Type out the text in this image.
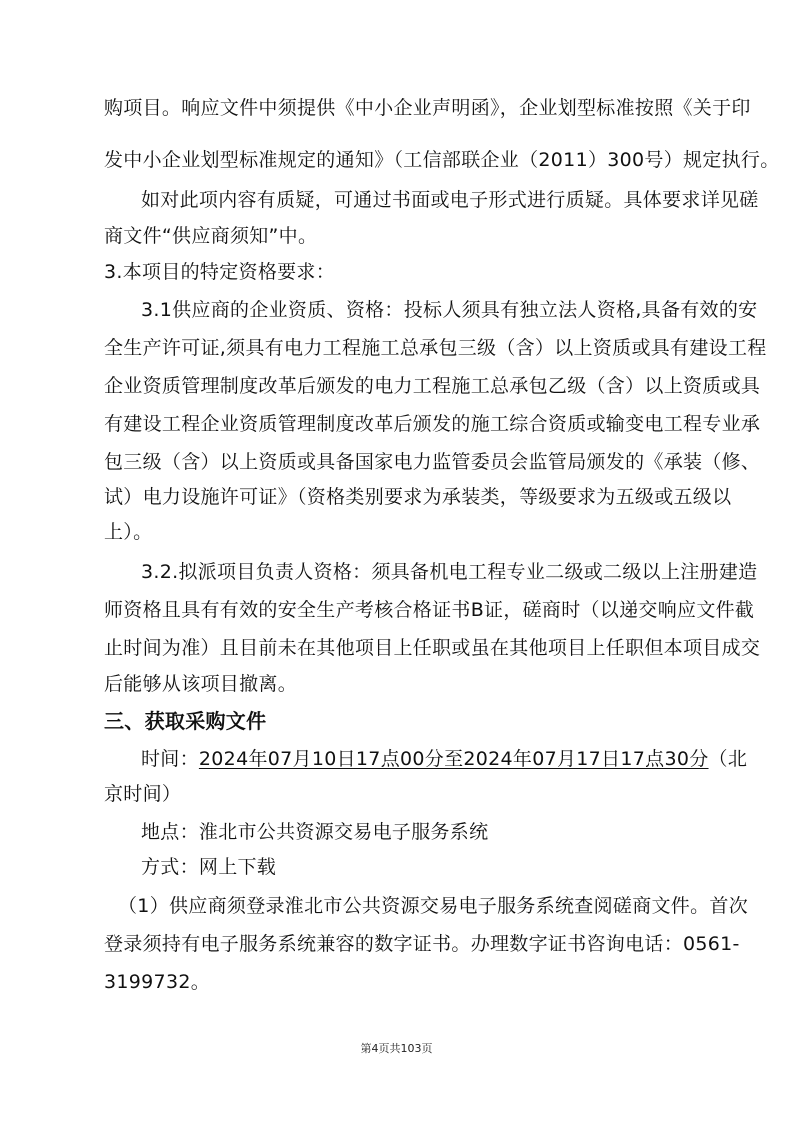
购项目。响应文件中须提供《中小企业声明函》，企业划型标准按照《关于印
发中小企业划型标准规定的通知》（工信部联企业（2011）300号）规定执行。
如对此项内容有质疑，可通过书面或电子形式进行质疑。具体要求详见磋
商文件“供应商须知”中。
3.本项目的特定资格要求：
3.1供应商的企业资质、资格：投标人须具有独立法人资格,具备有效的安
全生产许可证,须具有电力工程施工总承包三级（含）以上资质或具有建设工程
企业资质管理制度改革后颁发的电力工程施工总承包乙级（含）以上资质或具
有建设工程企业资质管理制度改革后颁发的施工综合资质或输变电工程专业承
包三级（含）以上资质或具备国家电力监管委员会监管局颁发的《承装（修、
试）电力设施许可证》（资格类别要求为承装类，等级要求为五级或五级以
上）。
3.2.拟派项目负责人资格：须具备机电工程专业二级或二级以上注册建造
师资格且具有有效的安全生产考核合格证书B证，磋商时（以递交响应文件截
止时间为准）且目前未在其他项目上任职或虽在其他项目上任职但本项目成交
后能够从该项目撤离。
三、获取采购文件
时间：2024年07月10日17点00分至2024年07月17日17点30分（北
京时间）
地点：淮北市公共资源交易电子服务系统
方式：网上下载
（1）供应商须登录淮北市公共资源交易电子服务系统查阅磋商文件。首次
登录须持有电子服务系统兼容的数字证书。办理数字证书咨询电话：0561-
3199732。
第4页共103页
